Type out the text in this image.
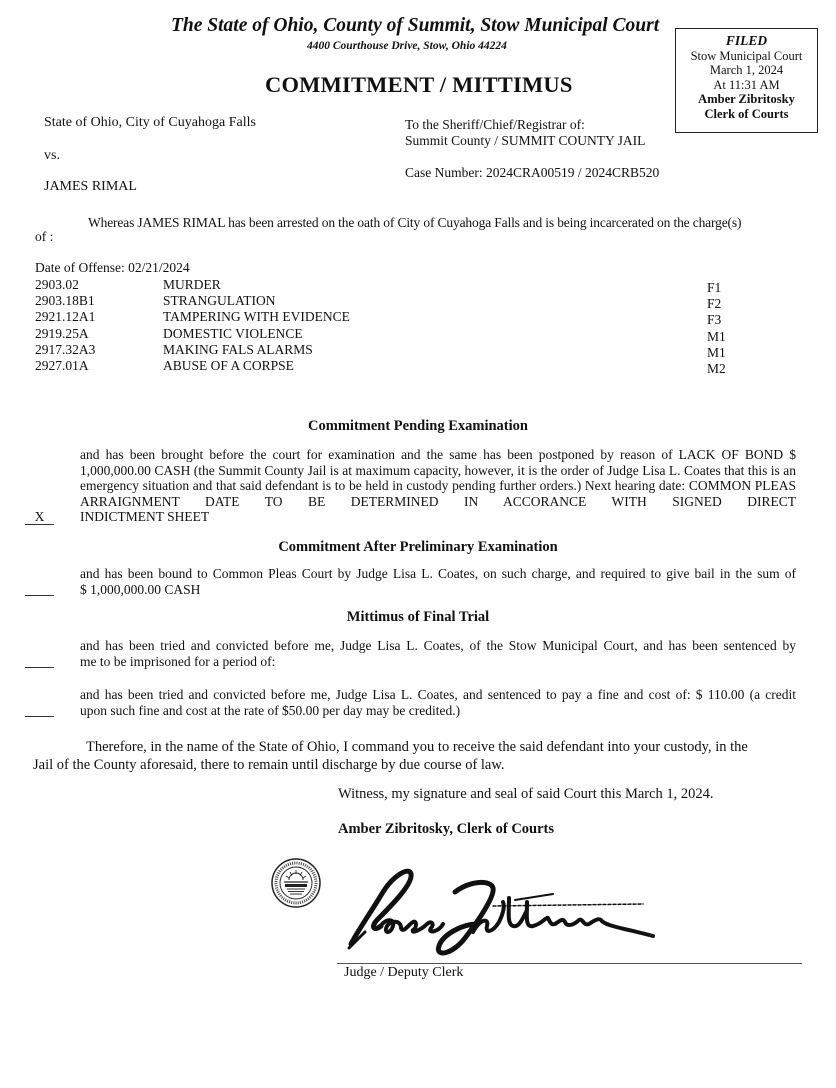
The State of Ohio, County of Summit, Stow Municipal Court
4400 Courthouse Drive, Stow, Ohio 44224
COMMITMENT / MITTIMUS
FILED
Stow Municipal Court
March 1, 2024
At 11:31 AM
Amber Zibritosky
Clerk of Courts
State of Ohio, City of Cuyahoga Falls
vs.
JAMES RIMAL
To the Sheriff/Chief/Registrar of:
Summit County / SUMMIT COUNTY JAIL
Case Number: 2024CRA00519 / 2024CRB520
Whereas JAMES RIMAL has been arrested on the oath of City of Cuyahoga Falls and is being incarcerated on the charge(s)
of :
Date of Offense: 02/21/2024
2903.02	MURDER	F1
2903.18B1	STRANGULATION	F2
2921.12A1	TAMPERING WITH EVIDENCE	F3
2919.25A	DOMESTIC VIOLENCE	M1
2917.32A3	MAKING FALS ALARMS	M1
2927.01A	ABUSE OF A CORPSE	M2
Commitment Pending Examination
and has been brought before the court for examination and the same has been postponed by reason of LACK OF BOND $ 1,000,000.00 CASH (the Summit County Jail is at maximum capacity, however, it is the order of Judge Lisa L. Coates that this is an emergency situation and that said defendant is to be held in custody pending further orders.) Next hearing date: COMMON PLEAS ARRAIGNMENT DATE TO BE DETERMINED IN ACCORANCE WITH SIGNED DIRECT
INDICTMENT SHEET
X
Commitment After Preliminary Examination
and has been bound to Common Pleas Court by Judge Lisa L. Coates, on such charge, and required to give bail in the sum of
$ 1,000,000.00 CASH
Mittimus of Final Trial
and has been tried and convicted before me, Judge Lisa L. Coates, of the Stow Municipal Court, and has been sentenced by
me to be imprisoned for a period of:
and has been tried and convicted before me, Judge Lisa L. Coates, and sentenced to pay a fine and cost of: $ 110.00 (a credit
upon such fine and cost at the rate of $50.00 per day may be credited.)
Therefore, in the name of the State of Ohio, I command you to receive the said defendant into your custody, in the
Jail of the County aforesaid, there to remain until discharge by due course of law.
Witness, my signature and seal of said Court this March 1, 2024.
Amber Zibritosky, Clerk of Courts
Judge / Deputy Clerk
